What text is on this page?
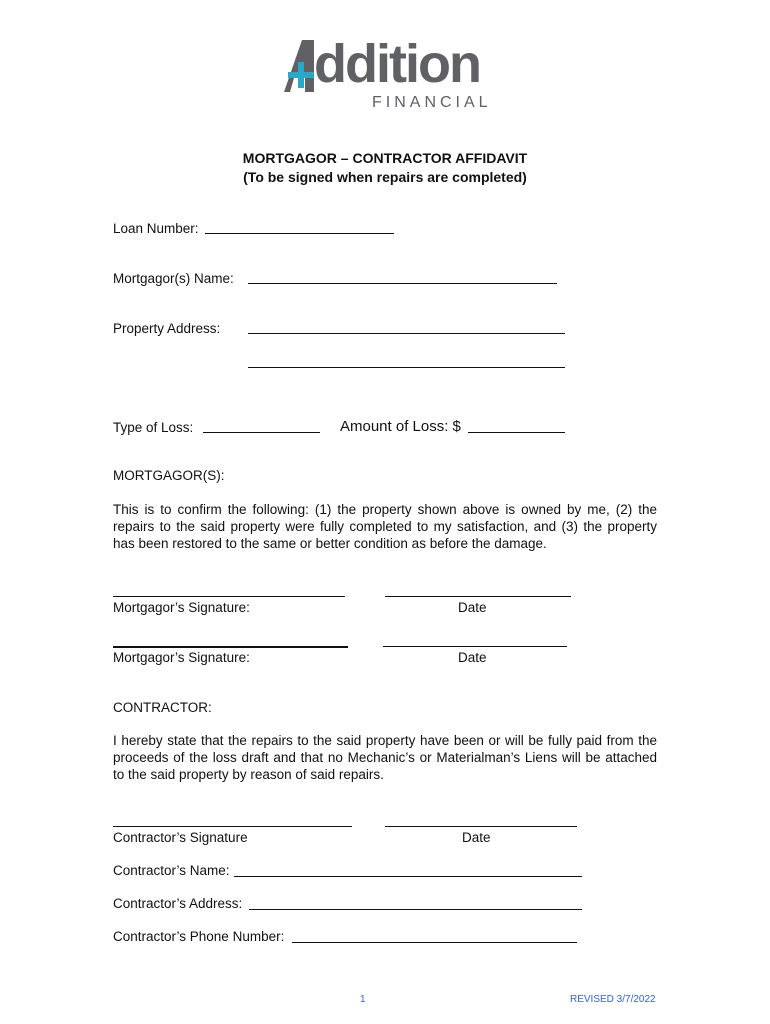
ddition
FINANCIAL
MORTGAGOR – CONTRACTOR AFFIDAVIT
(To be signed when repairs are completed)
Loan Number:
Mortgagor(s) Name:
Property Address:
Type of Loss:	Amount of Loss: $
MORTGAGOR(S):
This is to confirm the following: (1) the property shown above is owned by me, (2) the repairs to the said property were fully completed to my satisfaction, and (3) the property has been restored to the same or better condition as before the damage.
Mortgagor’s Signature:	Date
Mortgagor’s Signature:	Date
CONTRACTOR:
I hereby state that the repairs to the said property have been or will be fully paid from the proceeds of the loss draft and that no Mechanic’s or Materialman’s Liens will be attached to the said property by reason of said repairs.
Contractor’s Signature	Date
Contractor’s Name:
Contractor’s Address:
Contractor’s Phone Number:
1	REVISED 3/7/2022
